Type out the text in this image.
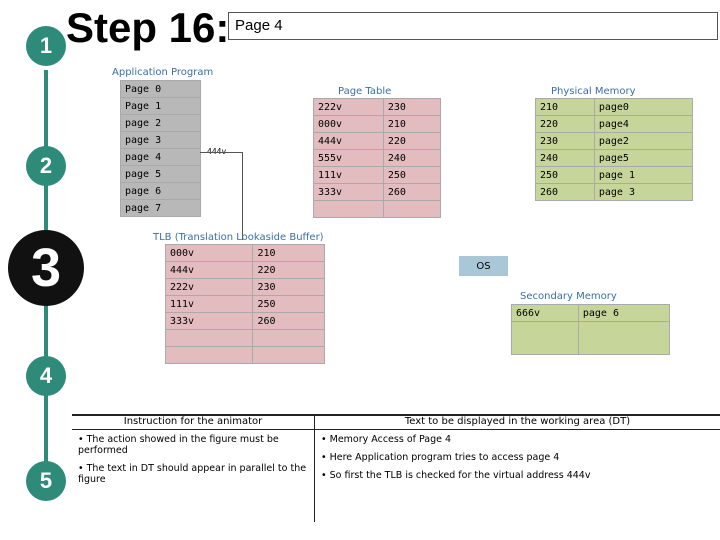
1
2
3
4
5
Step 16: Page 4
Application Program
Page 0
Page 1
page 2
page 3
page 4
page 5
page 6
page 7
Page Table
222v	230
000v	210
444v	220
555v	240
111v	250
333v	260

Physical Memory
210	page0
220	page4
230	page2
240	page5
250	page 1
260	page 3
TLB (Translation Lookaside Buffer)
000v	210
444v	220
222v	230
111v	250
333v	260

OS
Secondary Memory
666v	page 6

Instruction for the animator	Text to be displayed in the working area (DT)
• The action showed in the figure must be performed
• The text in DT should appear in parallel to the figure
• Memory Access of Page 4
• Here Application program tries to access page 4
• So first the TLB is checked for the virtual address 444v
